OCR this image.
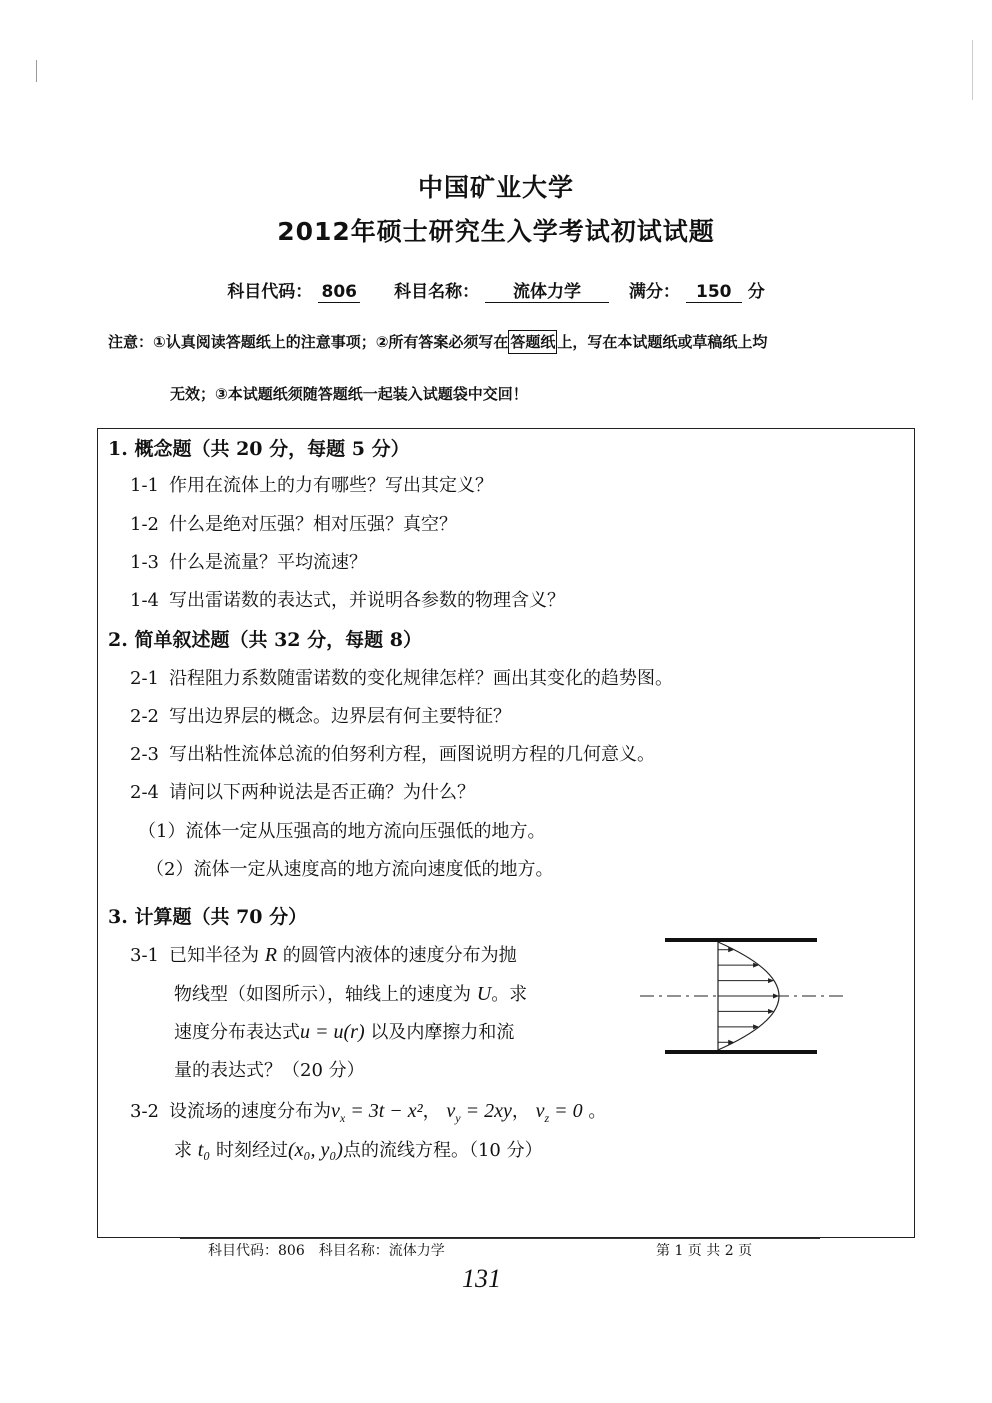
中国矿业大学
2012年硕士研究生入学考试初试试题
科目代码： 806 科目名称： 流体力学	满分： 150 分
注意：①认真阅读答题纸上的注意事项；②所有答案必须写在 答题纸 上，写在本试题纸或草稿纸上均
无效；③本试题纸须随答题纸一起装入试题袋中交回！
1. 概念题（共 20 分，每题 5 分）
1-1 作用在流体上的力有哪些？写出其定义？
1-2 什么是绝对压强？相对压强？真空？
1-3 什么是流量？平均流速？
1-4 写出雷诺数的表达式，并说明各参数的物理含义？
2. 简单叙述题（共 32 分，每题 8）
2-1 沿程阻力系数随雷诺数的变化规律怎样？画出其变化的趋势图。
2-2 写出边界层的概念。边界层有何主要特征？
2-3 写出粘性流体总流的伯努利方程，画图说明方程的几何意义。
2-4 请问以下两种说法是否正确？为什么？
（1）流体一定从压强高的地方流向压强低的地方。
（2）流体一定从速度高的地方流向速度低的地方。
3. 计算题（共 70 分）
3-1 已知半径为 R 的圆管内液体的速度分布为抛
物线型（如图所示），轴线上的速度为 U。求
速度分布表达式u = u(r) 以及内摩擦力和流
量的表达式？（20 分）
3-2 设流场的速度分布为$v_x = 3t - x^2$， $v_y = 2xy$， $v_z = 0$ 。
求 t₀ 时刻经过(x₀, y₀)点的流线方程。（10 分）
科目代码：806　科目名称：流体力学	第 1 页 共 2 页
131
